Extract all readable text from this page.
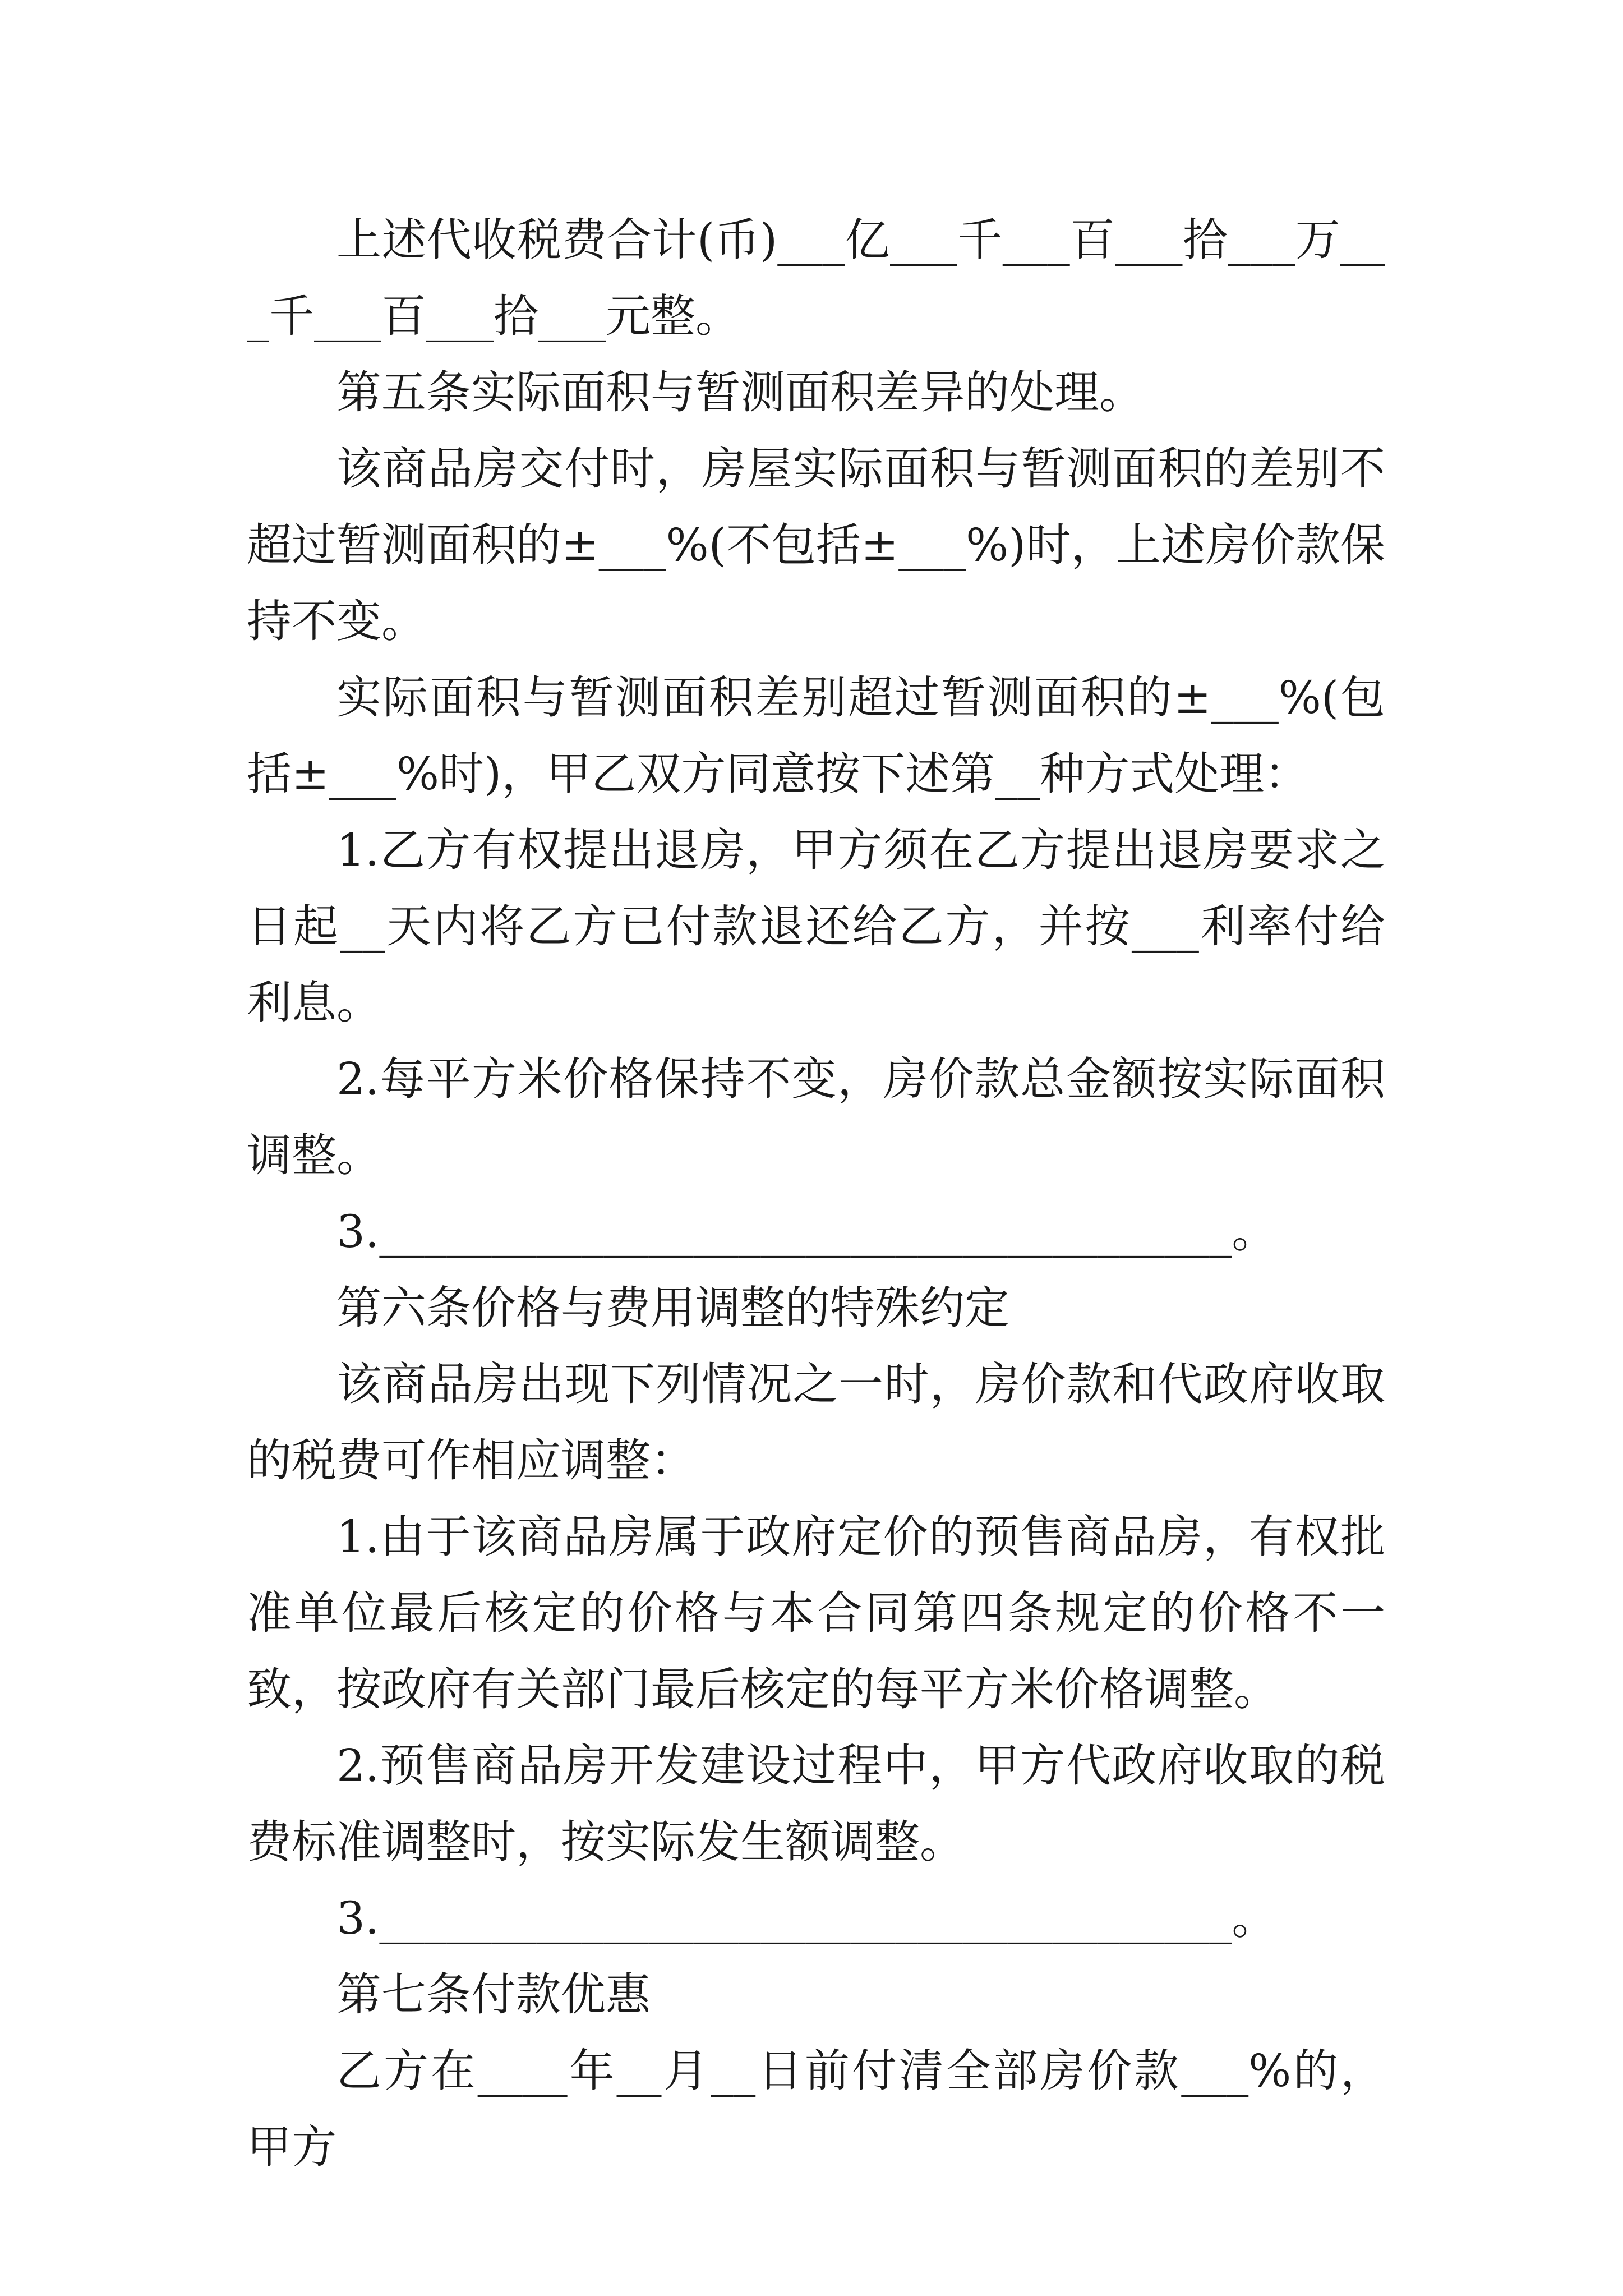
上述代收税费合计(币)___亿___千___百___拾___万___千___百___拾___元整。

第五条实际面积与暂测面积差异的处理。

该商品房交付时，房屋实际面积与暂测面积的差别不超过暂测面积的±___%(不包括±___%)时，上述房价款保持不变。

实际面积与暂测面积差别超过暂测面积的±___%(包括±___%时)，甲乙双方同意按下述第__种方式处理：

1.乙方有权提出退房，甲方须在乙方提出退房要求之日起__天内将乙方已付款退还给乙方，并按___利率付给利息。

2.每平方米价格保持不变，房价款总金额按实际面积调整。

3.______________________________________。

第六条价格与费用调整的特殊约定

该商品房出现下列情况之一时，房价款和代政府收取的税费可作相应调整：

1.由于该商品房属于政府定价的预售商品房，有权批准单位最后核定的价格与本合同第四条规定的价格不一致，按政府有关部门最后核定的每平方米价格调整。

2.预售商品房开发建设过程中，甲方代政府收取的税费标准调整时，按实际发生额调整。

3.______________________________________。

第七条付款优惠

乙方在____年__月__日前付清全部房价款___%的，甲方
